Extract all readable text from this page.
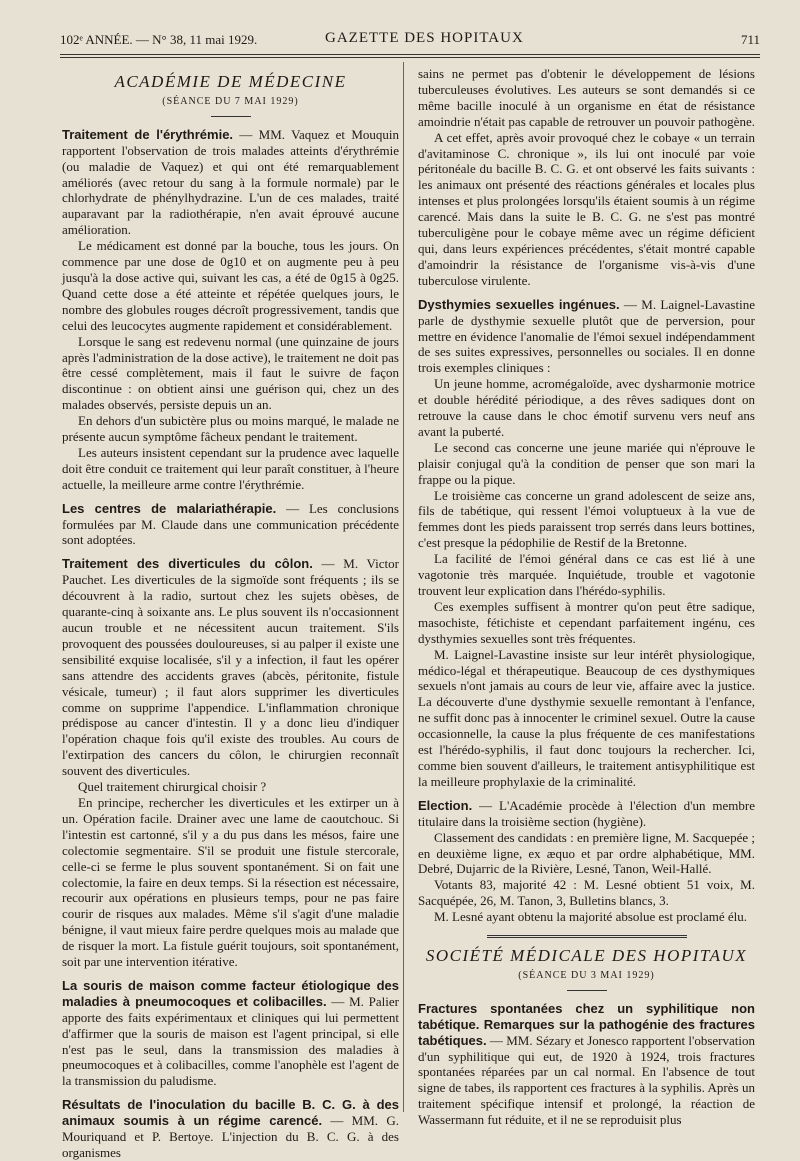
102ᵉ ANNÉE. — N° 38, 11 mai 1929.	GAZETTE DES HOPITAUX	711
ACADÉMIE DE MÉDECINE
(SÉANCE DU 7 MAI 1929)

Traitement de l'érythrémie. — MM. Vaquez et Mouquin rapportent l'observation de trois malades atteints d'érythrémie (ou maladie de Vaquez) et qui ont été remarquablement améliorés (avec retour du sang à la formule normale) par le chlorhydrate de phénylhydrazine. L'un de ces malades, traité auparavant par la radiothérapie, n'en avait éprouvé aucune amélioration.

Le médicament est donné par la bouche, tous les jours. On commence par une dose de 0g10 et on augmente peu à peu jusqu'à la dose active qui, suivant les cas, a été de 0g15 à 0g25. Quand cette dose a été atteinte et répétée quelques jours, le nombre des globules rouges décroît progressivement, tandis que celui des leucocytes augmente rapidement et considérablement.

Lorsque le sang est redevenu normal (une quinzaine de jours après l'administration de la dose active), le traitement ne doit pas être cessé complètement, mais il faut le suivre de façon discontinue : on obtient ainsi une guérison qui, chez un des malades observés, persiste depuis un an.

En dehors d'un subictère plus ou moins marqué, le malade ne présente aucun symptôme fâcheux pendant le traitement.

Les auteurs insistent cependant sur la prudence avec laquelle doit être conduit ce traitement qui leur paraît constituer, à l'heure actuelle, la meilleure arme contre l'érythrémie.

Les centres de malariathérapie. — Les conclusions formulées par M. Claude dans une communication précédente sont adoptées.

Traitement des diverticules du côlon. — M. Victor Pauchet. Les diverticules de la sigmoïde sont fréquents ; ils se découvrent à la radio, surtout chez les sujets obèses, de quarante-cinq à soixante ans. Le plus souvent ils n'occasionnent aucun trouble et ne nécessitent aucun traitement. S'ils provoquent des poussées douloureuses, si au palper il existe une sensibilité exquise localisée, s'il y a infection, il faut les opérer sans attendre des accidents graves (abcès, péritonite, fistule vésicale, tumeur) ; il faut alors supprimer les diverticules comme on supprime l'appendice. L'inflammation chronique prédispose au cancer d'intestin. Il y a donc lieu d'indiquer l'opération chaque fois qu'il existe des troubles. Au cours de l'extirpation des cancers du côlon, le chirurgien reconnaît souvent des diverticules.

Quel traitement chirurgical choisir ?

En principe, rechercher les diverticules et les extirper un à un. Opération facile. Drainer avec une lame de caoutchouc. Si l'intestin est cartonné, s'il y a du pus dans les mésos, faire une colectomie segmentaire. S'il se produit une fistule stercorale, celle-ci se ferme le plus souvent spontanément. Si on fait une colectomie, la faire en deux temps. Si la résection est nécessaire, recourir aux opérations en plusieurs temps, pour ne pas faire courir de risques aux malades. Même s'il s'agit d'une maladie bénigne, il vaut mieux faire perdre quelques mois au malade que de risquer la mort. La fistule guérit toujours, soit spontanément, soit par une intervention itérative.

La souris de maison comme facteur étiologique des maladies à pneumocoques et colibacilles. — M. Palier apporte des faits expérimentaux et cliniques qui lui permettent d'affirmer que la souris de maison est l'agent principal, si elle n'est pas le seul, dans la transmission des maladies à pneumocoques et à colibacilles, comme l'anophèle est l'agent de la transmission du paludisme.

Résultats de l'inoculation du bacille B. C. G. à des animaux soumis à un régime carencé. — MM. G. Mouriquand et P. Bertoye. L'injection du B. C. G. à des organismes

sains ne permet pas d'obtenir le développement de lésions tuberculeuses évolutives. Les auteurs se sont demandés si ce même bacille inoculé à un organisme en état de résistance amoindrie n'était pas capable de retrouver un pouvoir pathogène.

A cet effet, après avoir provoqué chez le cobaye « un terrain d'avitaminose C. chronique », ils lui ont inoculé par voie péritonéale du bacille B. C. G. et ont observé les faits suivants : les animaux ont présenté des réactions générales et locales plus intenses et plus prolongées lorsqu'ils étaient soumis à un régime carencé. Mais dans la suite le B. C. G. ne s'est pas montré tuberculigène pour le cobaye même avec un régime déficient qui, dans leurs expériences précédentes, s'était montré capable d'amoindrir la résistance de l'organisme vis-à-vis d'une tuberculose virulente.

Dysthymies sexuelles ingénues. — M. Laignel-Lavastine parle de dysthymie sexuelle plutôt que de perversion, pour mettre en évidence l'anomalie de l'émoi sexuel indépendamment de ses suites expressives, personnelles ou sociales. Il en donne trois exemples cliniques :

Un jeune homme, acromégaloïde, avec dysharmonie motrice et double hérédité périodique, a des rêves sadiques dont on retrouve la cause dans le choc émotif survenu vers neuf ans avant la puberté.

Le second cas concerne une jeune mariée qui n'éprouve le plaisir conjugal qu'à la condition de penser que son mari la frappe ou la pique.

Le troisième cas concerne un grand adolescent de seize ans, fils de tabétique, qui ressent l'émoi voluptueux à la vue de femmes dont les pieds paraissent trop serrés dans leurs bottines, c'est presque la pédophilie de Restif de la Bretonne.

La facilité de l'émoi général dans ce cas est lié à une vagotonie très marquée. Inquiétude, trouble et vagotonie trouvent leur explication dans l'hérédo-syphilis.

Ces exemples suffisent à montrer qu'on peut être sadique, masochiste, fétichiste et cependant parfaitement ingénu, ces dysthymies sexuelles sont très fréquentes.

M. Laignel-Lavastine insiste sur leur intérêt physiologique, médico-légal et thérapeutique. Beaucoup de ces dysthymiques sexuels n'ont jamais au cours de leur vie, affaire avec la justice. La découverte d'une dysthymie sexuelle remontant à l'enfance, ne suffit donc pas à innocenter le criminel sexuel. Outre la cause occasionnelle, la cause la plus fréquente de ces manifestations est l'hérédo-syphilis, il faut donc toujours la rechercher. Ici, comme bien souvent d'ailleurs, le traitement antisyphilitique est la meilleure prophylaxie de la criminalité.

Election. — L'Académie procède à l'élection d'un membre titulaire dans la troisième section (hygiène).

Classement des candidats : en première ligne, M. Sacquepée ; en deuxième ligne, ex æquo et par ordre alphabétique, MM. Debré, Dujarric de la Rivière, Lesné, Tanon, Weil-Hallé.

Votants 83, majorité 42 : M. Lesné obtient 51 voix, M. Sacquépée, 26, M. Tanon, 3, Bulletins blancs, 3.

M. Lesné ayant obtenu la majorité absolue est proclamé élu.

SOCIÉTÉ MÉDICALE DES HOPITAUX
(SÉANCE DU 3 MAI 1929)

Fractures spontanées chez un syphilitique non tabétique. Remarques sur la pathogénie des fractures tabétiques. — MM. Sézary et Jonesco rapportent l'observation d'un syphilitique qui eut, de 1920 à 1924, trois fractures spontanées réparées par un cal normal. En l'absence de tout signe de tabes, ils rapportent ces fractures à la syphilis. Après un traitement spécifique intensif et prolongé, la réaction de Wassermann fut réduite, et il ne se reproduisit plus
